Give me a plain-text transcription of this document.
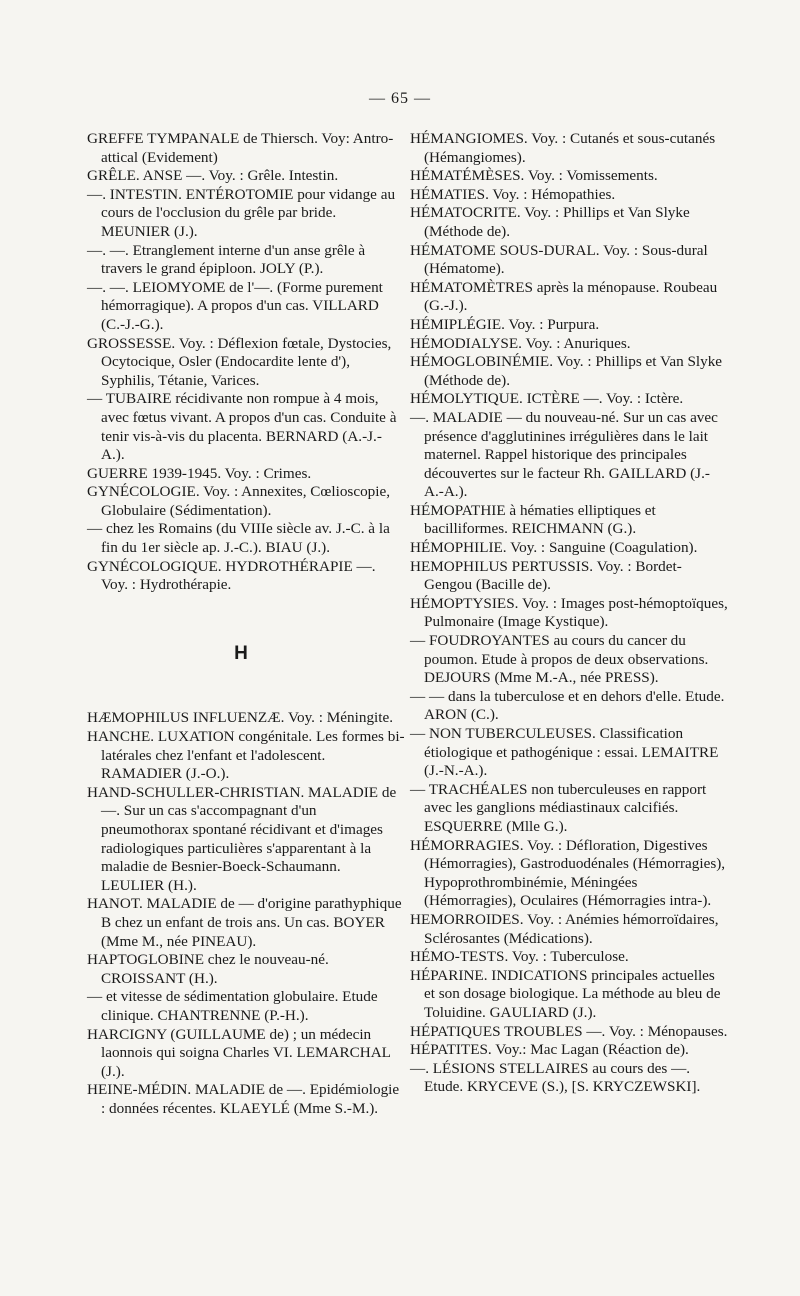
— 65 —

GREFFE TYMPANALE de Thiersch. Voy: Antro-attical (Evidement)

GRÊLE. ANSE —. Voy. : Grêle. Intestin.

—. INTESTIN. ENTÉROTOMIE pour vidange au cours de l'occlusion du grêle par bride. MEUNIER (J.).

—. —. Etranglement interne d'un anse grêle à travers le grand épiploon. JOLY (P.).

—. —. LEIOMYOME de l'—. (Forme purement hémorragique). A propos d'un cas. VILLARD (C.-J.-G.).

GROSSESSE. Voy. : Déflexion fœtale, Dystocies, Ocytocique, Osler (Endocardite lente d'), Syphilis, Tétanie, Varices.

— TUBAIRE récidivante non rompue à 4 mois, avec fœtus vivant. A propos d'un cas. Conduite à tenir vis-à-vis du placenta. BERNARD (A.-J.-A.).

GUERRE 1939-1945. Voy. : Crimes.

GYNÉCOLOGIE. Voy. : Annexites, Cœlioscopie, Globulaire (Sédimentation).

— chez les Romains (du VIIIe siècle av. J.-C. à la fin du 1er siècle ap. J.-C.). BIAU (J.).

GYNÉCOLOGIQUE. HYDROTHÉRAPIE —. Voy. : Hydrothérapie.

H

HÆMOPHILUS INFLUENZÆ. Voy. : Méningite.

HANCHE. LUXATION congénitale. Les formes bi-latérales chez l'enfant et l'adolescent. RAMADIER (J.-O.).

HAND-SCHULLER-CHRISTIAN. MALADIE de —. Sur un cas s'accompagnant d'un pneumothorax spontané récidivant et d'images radiologiques particulières s'apparentant à la maladie de Besnier-Boeck-Schaumann. LEULIER (H.).

HANOT. MALADIE de — d'origine parathyphique B chez un enfant de trois ans. Un cas. BOYER (Mme M., née PINEAU).

HAPTOGLOBINE chez le nouveau-né. CROISSANT (H.).

— et vitesse de sédimentation globulaire. Etude clinique. CHANTRENNE (P.-H.).

HARCIGNY (GUILLAUME de) ; un médecin laonnois qui soigna Charles VI. LEMARCHAL (J.).

HEINE-MÉDIN. MALADIE de —. Epidémiologie : données récentes. KLAEYLÉ (Mme S.-M.).

HÉMANGIOMES. Voy. : Cutanés et sous-cutanés (Hémangiomes).

HÉMATÉMÈSES. Voy. : Vomissements.

HÉMATIES. Voy. : Hémopathies.

HÉMATOCRITE. Voy. : Phillips et Van Slyke (Méthode de).

HÉMATOME SOUS-DURAL. Voy. : Sous-dural (Hématome).

HÉMATOMÈTRES après la ménopause. Roubeau (G.-J.).

HÉMIPLÉGIE. Voy. : Purpura.

HÉMODIALYSE. Voy. : Anuriques.

HÉMOGLOBINÉMIE. Voy. : Phillips et Van Slyke (Méthode de).

HÉMOLYTIQUE. ICTÈRE —. Voy. : Ictère.

—. MALADIE — du nouveau-né. Sur un cas avec présence d'agglutinines irrégulières dans le lait maternel. Rappel historique des principales découvertes sur le facteur Rh. GAILLARD (J.-A.-A.).

HÉMOPATHIE à hématies elliptiques et bacilliformes. REICHMANN (G.).

HÉMOPHILIE. Voy. : Sanguine (Coagulation).

HEMOPHILUS PERTUSSIS. Voy. : Bordet-Gengou (Bacille de).

HÉMOPTYSIES. Voy. : Images post-hémoptoïques, Pulmonaire (Image Kystique).

— FOUDROYANTES au cours du cancer du poumon. Etude à propos de deux observations. DEJOURS (Mme M.-A., née PRESS).

— — dans la tuberculose et en dehors d'elle. Etude. ARON (C.).

— NON TUBERCULEUSES. Classification étiologique et pathogénique : essai. LEMAITRE (J.-N.-A.).

— TRACHÉALES non tuberculeuses en rapport avec les ganglions médiastinaux calcifiés. ESQUERRE (Mlle G.).

HÉMORRAGIES. Voy. : Défloration, Digestives (Hémorragies), Gastroduodénales (Hémorragies), Hypoprothrombinémie, Méningées (Hémorragies), Oculaires (Hémorragies intra-).

HEMORROIDES. Voy. : Anémies hémorroïdaires, Sclérosantes (Médications).

HÉMO-TESTS. Voy. : Tuberculose.

HÉPARINE. INDICATIONS principales actuelles et son dosage biologique. La méthode au bleu de Toluidine. GAULIARD (J.).

HÉPATIQUES TROUBLES —. Voy. : Ménopauses.

HÉPATITES. Voy.: Mac Lagan (Réaction de).

—. LÉSIONS STELLAIRES au cours des —. Etude. KRYCEVE (S.), [S. KRYCZEWSKI].
